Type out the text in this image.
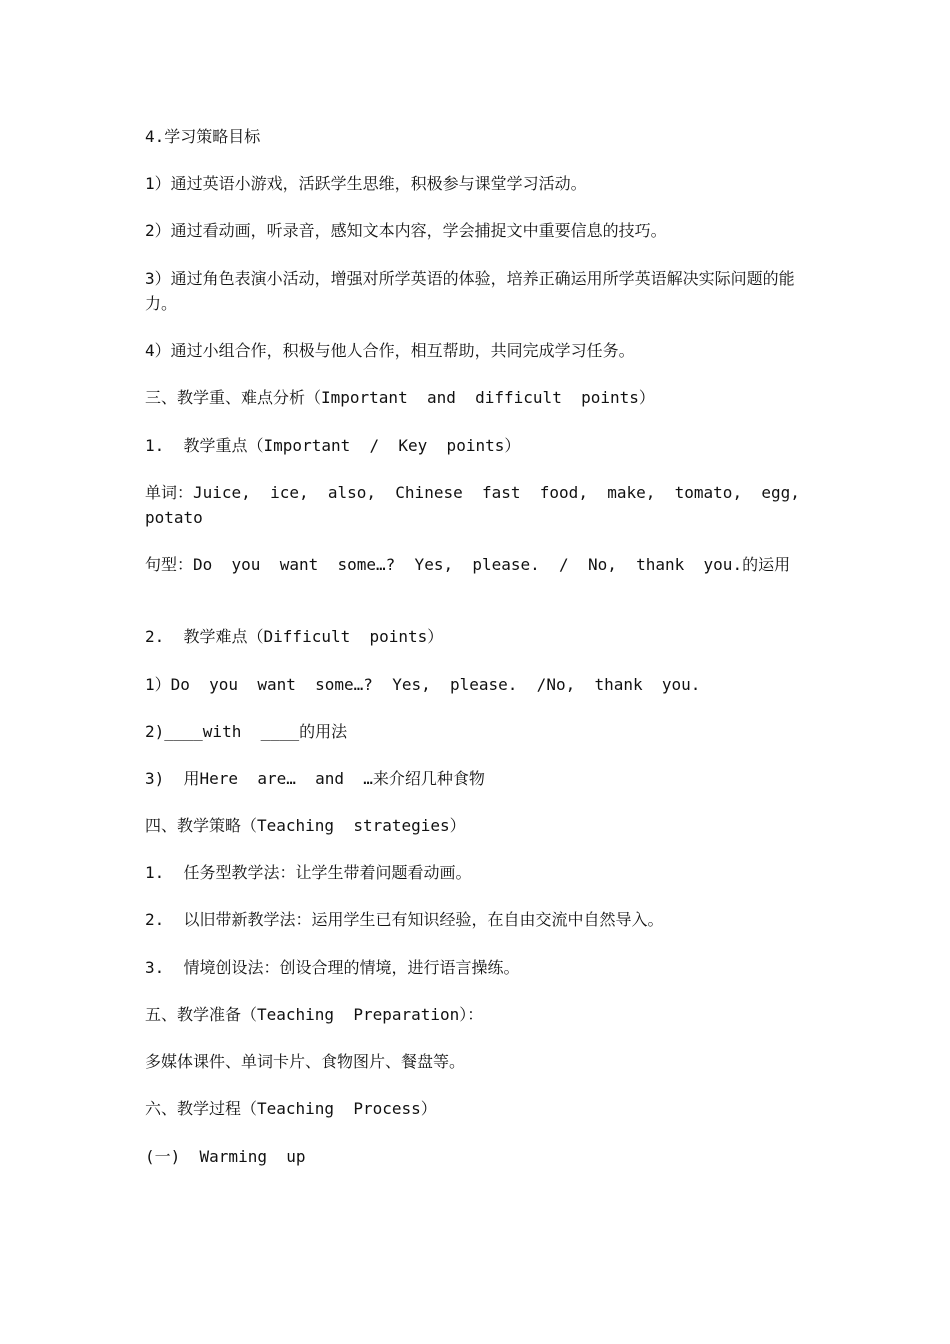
4.学习策略目标

1）通过英语小游戏，活跃学生思维，积极参与课堂学习活动。

2）通过看动画，听录音，感知文本内容，学会捕捉文中重要信息的技巧。

3）通过角色表演小活动，增强对所学英语的体验，培养正确运用所学英语解决实际问题的能力。

4）通过小组合作，积极与他人合作，相互帮助，共同完成学习任务。

三、教学重、难点分析（Important  and  difficult  points）

1.  教学重点（Important  /  Key  points）

单词：Juice,  ice,  also,  Chinese  fast  food,  make,  tomato,  egg,  potato

句型：Do  you  want  some…?  Yes,  please.  /  No,  thank  you.的运用

2.  教学难点（Difficult  points）

1）Do  you  want  some…?  Yes,  please.  /No,  thank  you.

2)____with  ____的用法

3)  用Here  are…  and  …来介绍几种食物

四、教学策略（Teaching  strategies）

1.  任务型教学法：让学生带着问题看动画。

2.  以旧带新教学法：运用学生已有知识经验，在自由交流中自然导入。

3.  情境创设法：创设合理的情境，进行语言操练。

五、教学准备（Teaching  Preparation）：

多媒体课件、单词卡片、食物图片、餐盘等。

六、教学过程（Teaching  Process）

(一)  Warming  up
